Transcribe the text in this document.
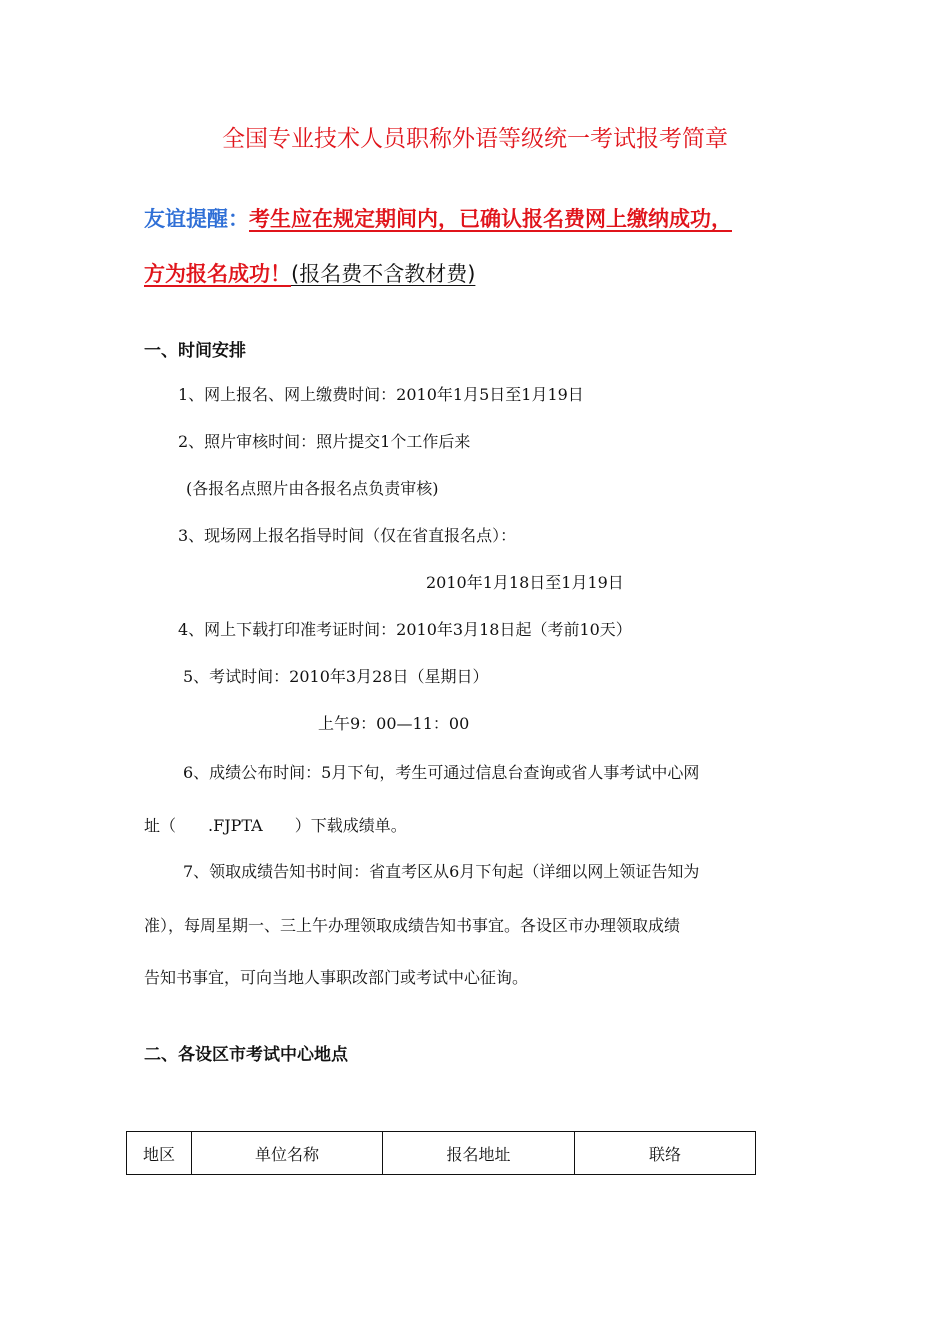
全国专业技术人员职称外语等级统一考试报考简章
友谊提醒：考生应在规定期间内，已确认报名费网上缴纳成功，
方为报名成功！(报名费不含教材费)
一、时间安排
1、网上报名、网上缴费时间：2010年1月5日至1月19日
2、照片审核时间：照片提交1个工作后来
(各报名点照片由各报名点负责审核)
3、现场网上报名指导时间（仅在省直报名点）：
2010年1月18日至1月19日
4、网上下载打印准考证时间：2010年3月18日起（考前10天）
5、考试时间：2010年3月28日（星期日）
上午9：00—11：00
6、成绩公布时间：5月下旬，考生可通过信息台查询或省人事考试中心网
址（　　.FJPTA　　）下载成绩单。
7、领取成绩告知书时间：省直考区从6月下旬起（详细以网上领证告知为
准），每周星期一、三上午办理领取成绩告知书事宜。各设区市办理领取成绩
告知书事宜，可向当地人事职改部门或考试中心征询。
二、各设区市考试中心地点
地区	单位名称	报名地址	联络
